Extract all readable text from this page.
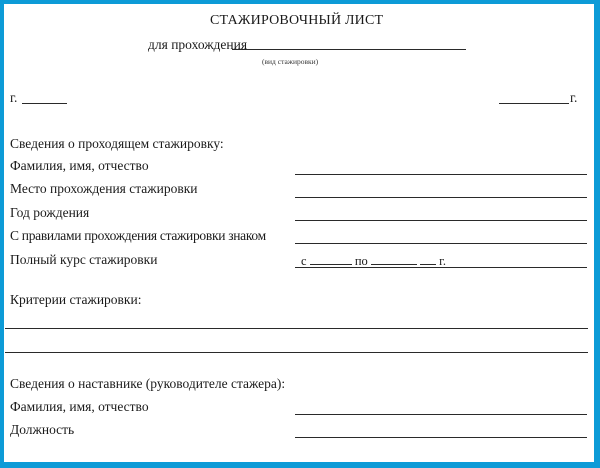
СТАЖИРОВОЧНЫЙ ЛИСТ
для прохождения
(вид стажировки)
г.	г.
Сведения о проходящем стажировку:
Фамилия, имя, отчество
Место прохождения стажировки
Год рождения
С правилами прохождения стажировки знаком
Полный курс стажировки	с	по	г.
Критерии стажировки:
Сведения о наставнике (руководителе стажера):
Фамилия, имя, отчество
Должность
